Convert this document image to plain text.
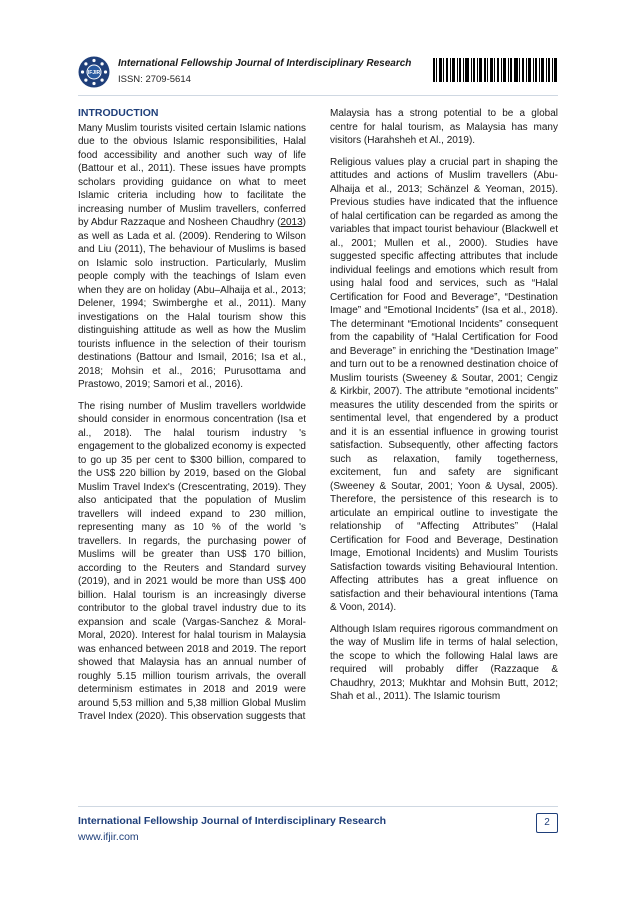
IFJIR
International Fellowship Journal of Interdisciplinary Research
ISSN: 2709-5614
INTRODUCTION

Many Muslim tourists visited certain Islamic nations due to the obvious Islamic responsibilities, Halal food accessibility and another such way of life (Battour et al., 2011). These issues have prompts scholars providing guidance on what to meet Islamic criteria including how to facilitate the increasing number of Muslim travellers, conferred by Abdur Razzaque and Nosheen Chaudhry (2013) as well as Lada et al. (2009). Rendering to Wilson and Liu (2011), The behaviour of Muslims is based on Islamic solo instruction. Particularly, Muslim people comply with the teachings of Islam even when they are on holiday (Abu–Alhaija et al., 2013; Delener, 1994; Swimberghe et al., 2011). Many investigations on the Halal tourism show this distinguishing attitude as well as how the Muslim tourists influence in the selection of their tourism destinations (Battour and Ismail, 2016; Isa et al., 2018; Mohsin et al., 2016; Purusottama and Prastowo, 2019; Samori et al., 2016).

The rising number of Muslim travellers worldwide should consider in enormous concentration (Isa et al., 2018). The halal tourism industry 's engagement to the globalized economy is expected to go up 35 per cent to $300 billion, compared to the US$ 220 billion by 2019, based on the Global Muslim Travel Index's (Crescentrating, 2019). They also anticipated that the population of Muslim travellers will indeed expand to 230 million, representing many as 10 % of the world 's travellers. In regards, the purchasing power of Muslims will be greater than US$ 170 billion, according to the Reuters and Standard survey (2019), and in 2021 would be more than US$ 400 billion. Halal tourism is an increasingly diverse contributor to the global travel industry due to its expansion and scale (Vargas-Sanchez & Moral-Moral, 2020). Interest for halal tourism in Malaysia was enhanced between 2018 and 2019. The report showed that Malaysia has an annual number of roughly 5.15 million tourism arrivals, the overall determinism estimates in 2018 and 2019 were around 5,53 million and 5,38 million Global Muslim Travel Index (2020). This observation suggests that

Malaysia has a strong potential to be a global centre for halal tourism, as Malaysia has many visitors (Harahsheh et Al., 2019).

Religious values play a crucial part in shaping the attitudes and actions of Muslim travellers (Abu-Alhaija et al., 2013; Schänzel & Yeoman, 2015). Previous studies have indicated that the influence of halal certification can be regarded as among the variables that impact tourist behaviour (Blackwell et al., 2001; Mullen et al., 2000). Studies have suggested specific affecting attributes that include individual feelings and emotions which result from using halal food and services, such as “Halal Certification for Food and Beverage”, “Destination Image” and “Emotional Incidents” (Isa et al., 2018). The determinant “Emotional Incidents” consequent from the capability of “Halal Certification for Food and Beverage” in enriching the “Destination Image” and turn out to be a renowned destination choice of Muslim tourists (Sweeney & Soutar, 2001; Cengiz & Kirkbir, 2007). The attribute “emotional incidents” measures the utility descended from the spirits or sentimental level, that engendered by a product and it is an essential influence in growing tourist satisfaction. Subsequently, other affecting factors such as relaxation, family togetherness, excitement, fun and safety are significant (Sweeney & Soutar, 2001; Yoon & Uysal, 2005). Therefore, the persistence of this research is to articulate an empirical outline to investigate the relationship of “Affecting Attributes” (Halal Certification for Food and Beverage, Destination Image, Emotional Incidents) and Muslim Tourists Satisfaction towards visiting Behavioural Intention. Affecting attributes has a great influence on satisfaction and their behavioural intentions (Tama & Voon, 2014).

Although Islam requires rigorous commandment on the way of Muslim life in terms of halal selection, the scope to which the following Halal laws are required will probably differ (Razzaque & Chaudhry, 2013; Mukhtar and Mohsin Butt, 2012; Shah et al., 2011). The Islamic tourism

International Fellowship Journal of Interdisciplinary Research
www.ifjir.com
2
